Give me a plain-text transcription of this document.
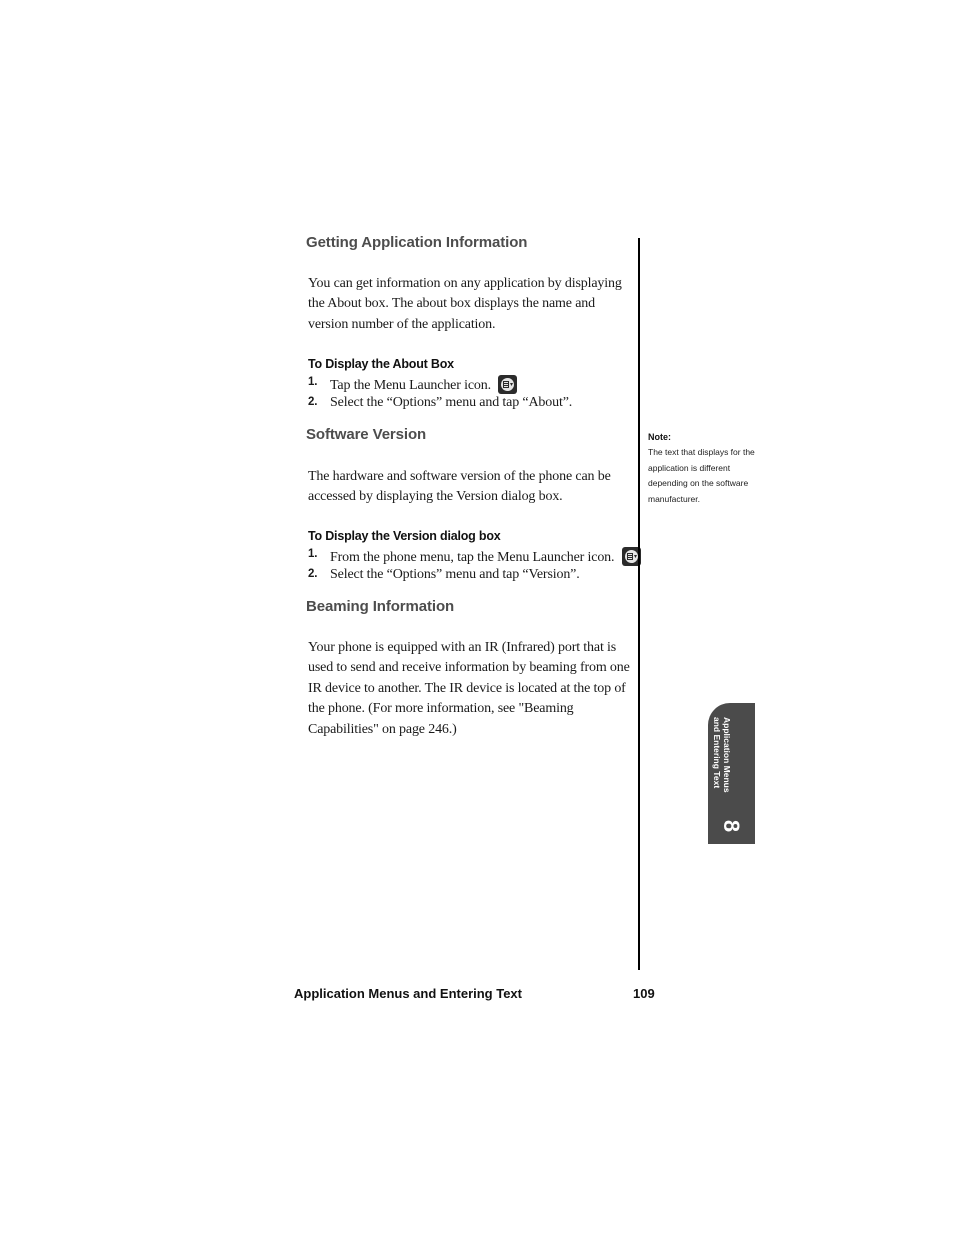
Getting Application Information
You can get information on any application by displaying the About box. The about box displays the name and version number of the application.
To Display the About Box
1. Tap the Menu Launcher icon.
2. Select the “Options” menu and tap “About”.
Software Version
The hardware and software version of the phone can be accessed by displaying the Version dialog box.
To Display the Version dialog box
1. From the phone menu, tap the Menu Launcher icon.
2. Select the “Options” menu and tap “Version”.
Beaming Information
Your phone is equipped with an IR (Infrared) port that is used to send and receive information by beaming from one IR device to another. The IR device is located at the top of the phone. (For more information, see "Beaming Capabilities" on page 246.)
Note:
The text that displays for the application is different depending on the software manufacturer.
Application Menus
and Entering Text
8
Application Menus and Entering Text	109
